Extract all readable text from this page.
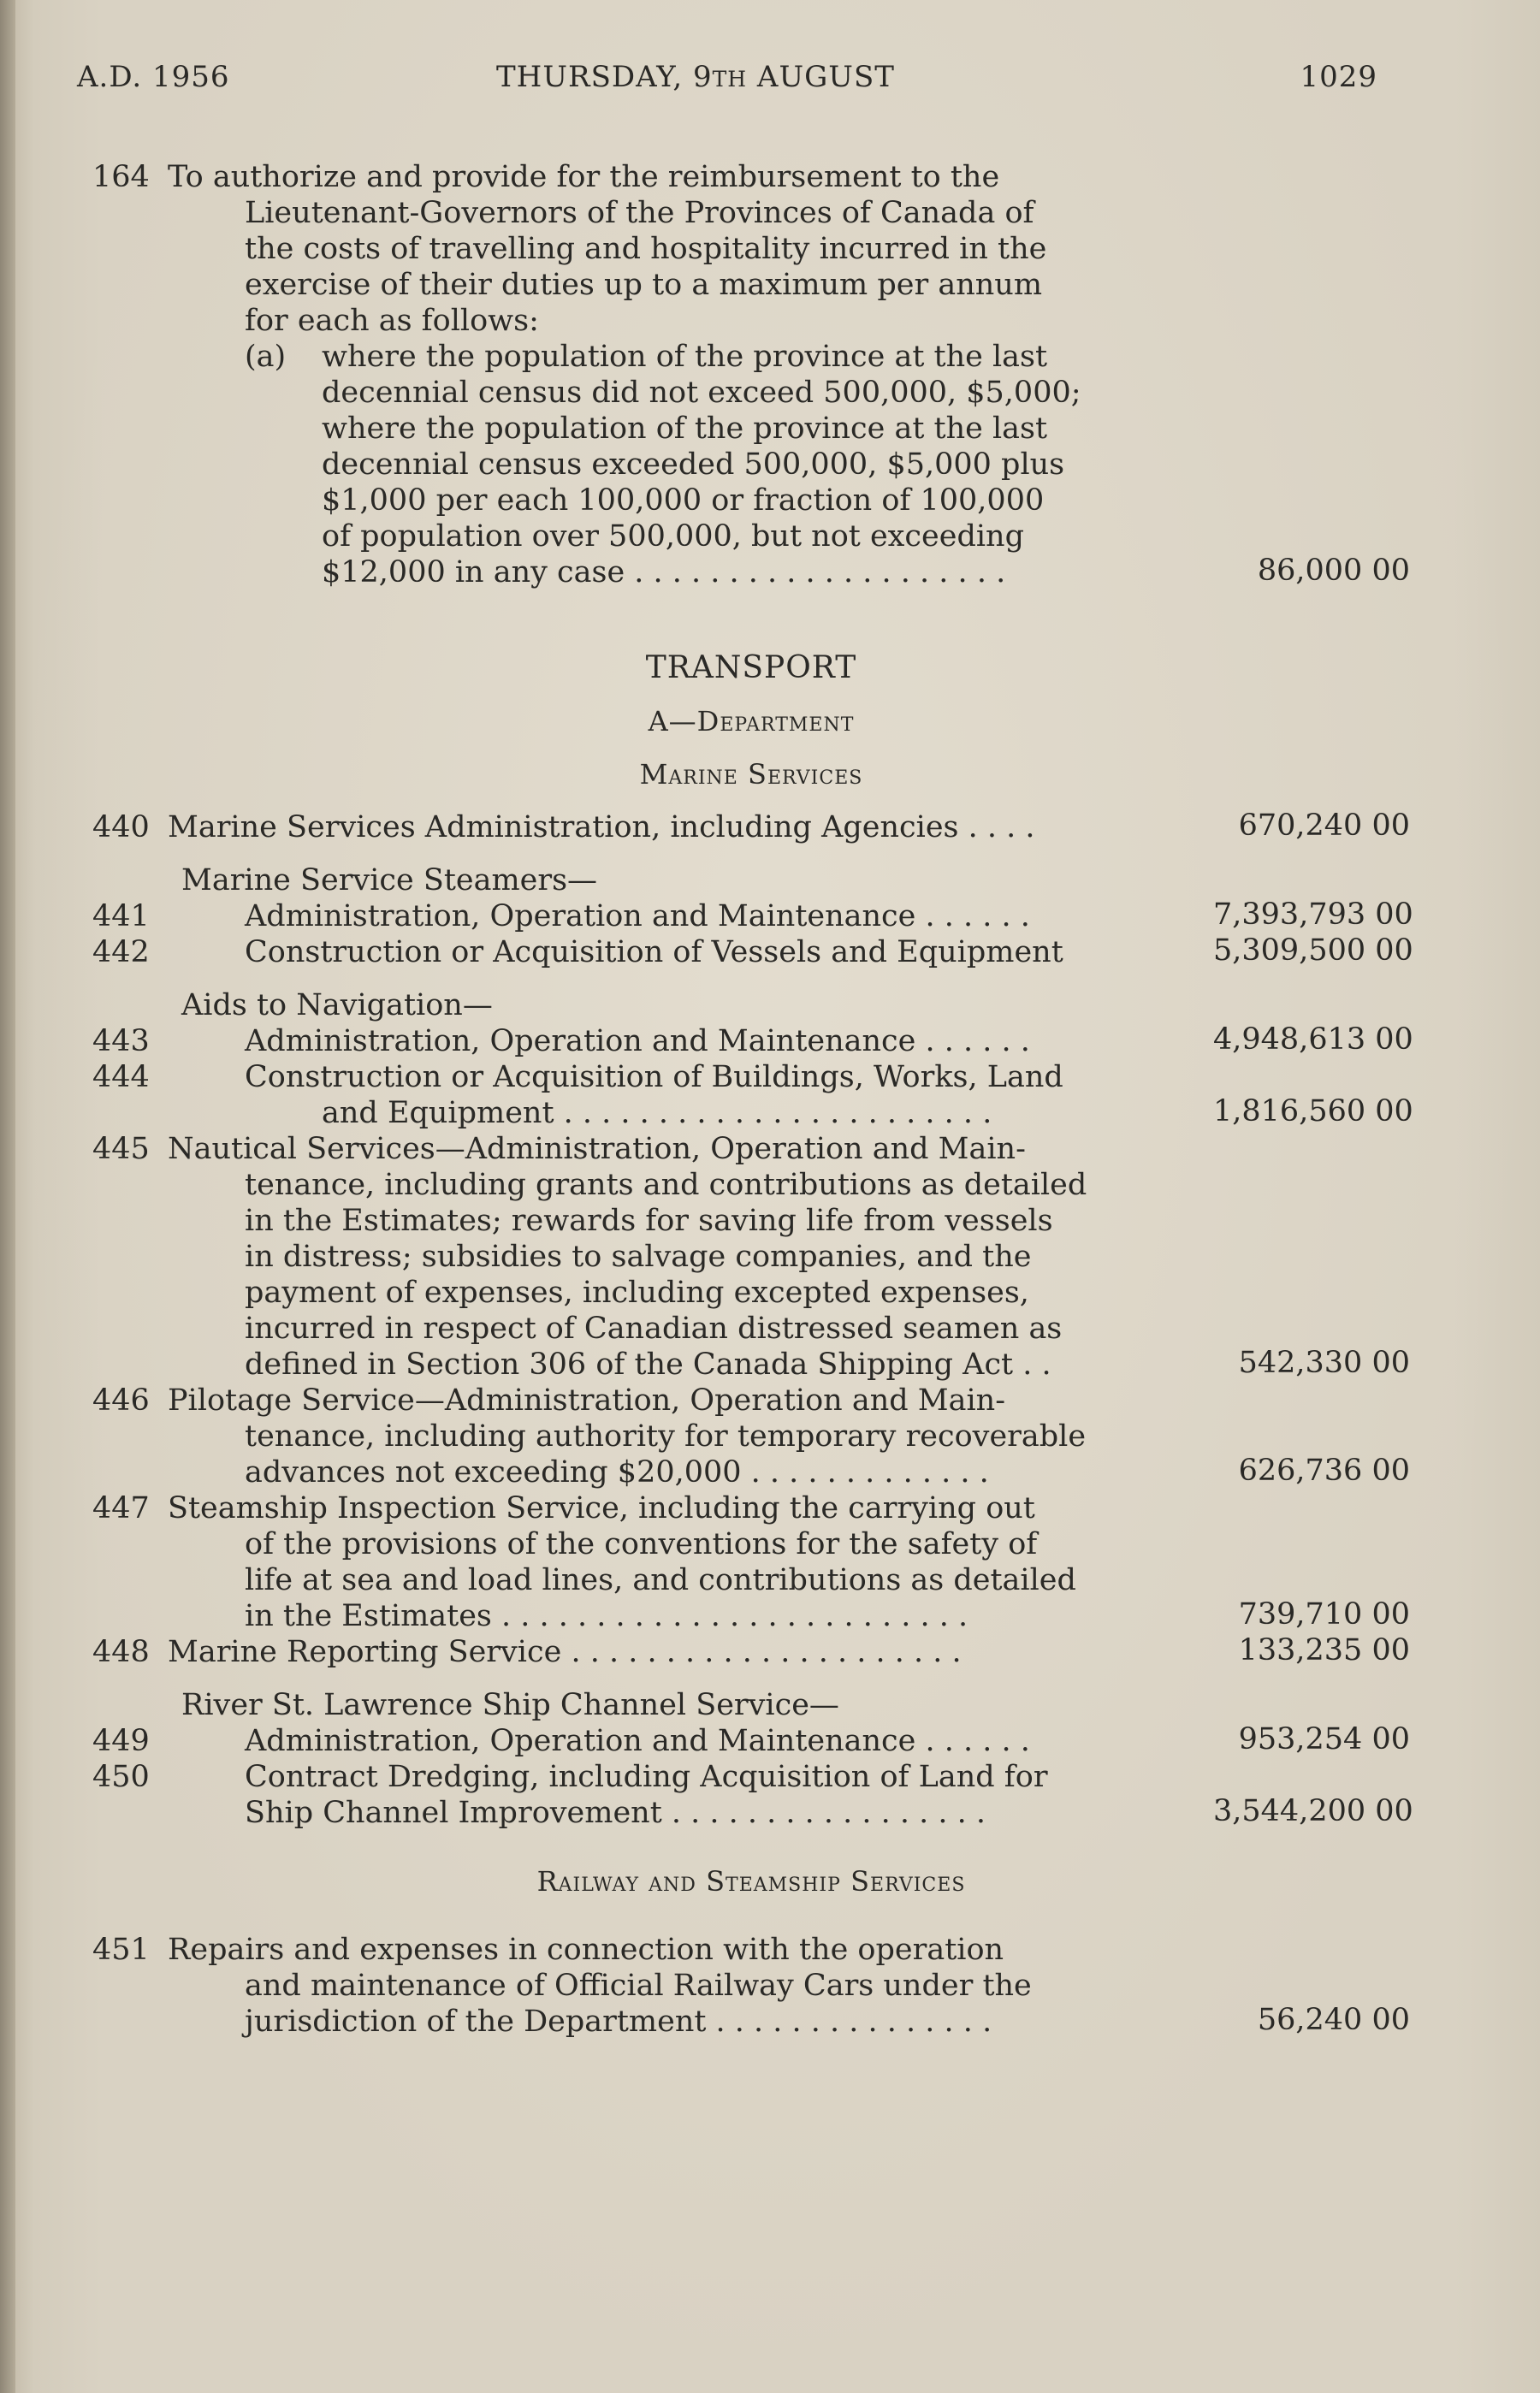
A.D. 1956	THURSDAY, 9TH AUGUST	1029
164 To authorize and provide for the reimbursement to the
Lieutenant-Governors of the Provinces of Canada of
the costs of travelling and hospitality incurred in the
exercise of their duties up to a maximum per annum
for each as follows:
(a) where the population of the province at the last
decennial census did not exceed 500,000, $5,000;
where the population of the province at the last
decennial census exceeded 500,000, $5,000 plus
$1,000 per each 100,000 or fraction of 100,000
of population over 500,000, but not exceeding
$12,000 in any case . . . . . . . . . . . . . . . . . . . .	86,000 00
TRANSPORT
A—Department
Marine Services
440 Marine Services Administration, including Agencies . . . .	670,240 00
Marine Service Steamers—
441	Administration, Operation and Maintenance . . . . . .	7,393,793 00
442	Construction or Acquisition of Vessels and Equipment	5,309,500 00
Aids to Navigation—
443	Administration, Operation and Maintenance . . . . . .	4,948,613 00
444	Construction or Acquisition of Buildings, Works, Land
and Equipment . . . . . . . . . . . . . . . . . . . . . . .	1,816,560 00
445 Nautical Services—Administration, Operation and Main-
tenance, including grants and contributions as detailed
in the Estimates; rewards for saving life from vessels
in distress; subsidies to salvage companies, and the
payment of expenses, including excepted expenses,
incurred in respect of Canadian distressed seamen as
defined in Section 306 of the Canada Shipping Act . .	542,330 00
446 Pilotage Service—Administration, Operation and Main-
tenance, including authority for temporary recoverable
advances not exceeding $20,000 . . . . . . . . . . . . .	626,736 00
447 Steamship Inspection Service, including the carrying out
of the provisions of the conventions for the safety of
life at sea and load lines, and contributions as detailed
in the Estimates . . . . . . . . . . . . . . . . . . . . . . . . .	739,710 00
448 Marine Reporting Service . . . . . . . . . . . . . . . . . . . . .	133,235 00
River St. Lawrence Ship Channel Service—
449	Administration, Operation and Maintenance . . . . . .	953,254 00
450	Contract Dredging, including Acquisition of Land for
Ship Channel Improvement . . . . . . . . . . . . . . . . .	3,544,200 00
Railway and Steamship Services
451 Repairs and expenses in connection with the operation
and maintenance of Official Railway Cars under the
jurisdiction of the Department . . . . . . . . . . . . . . .	56,240 00
